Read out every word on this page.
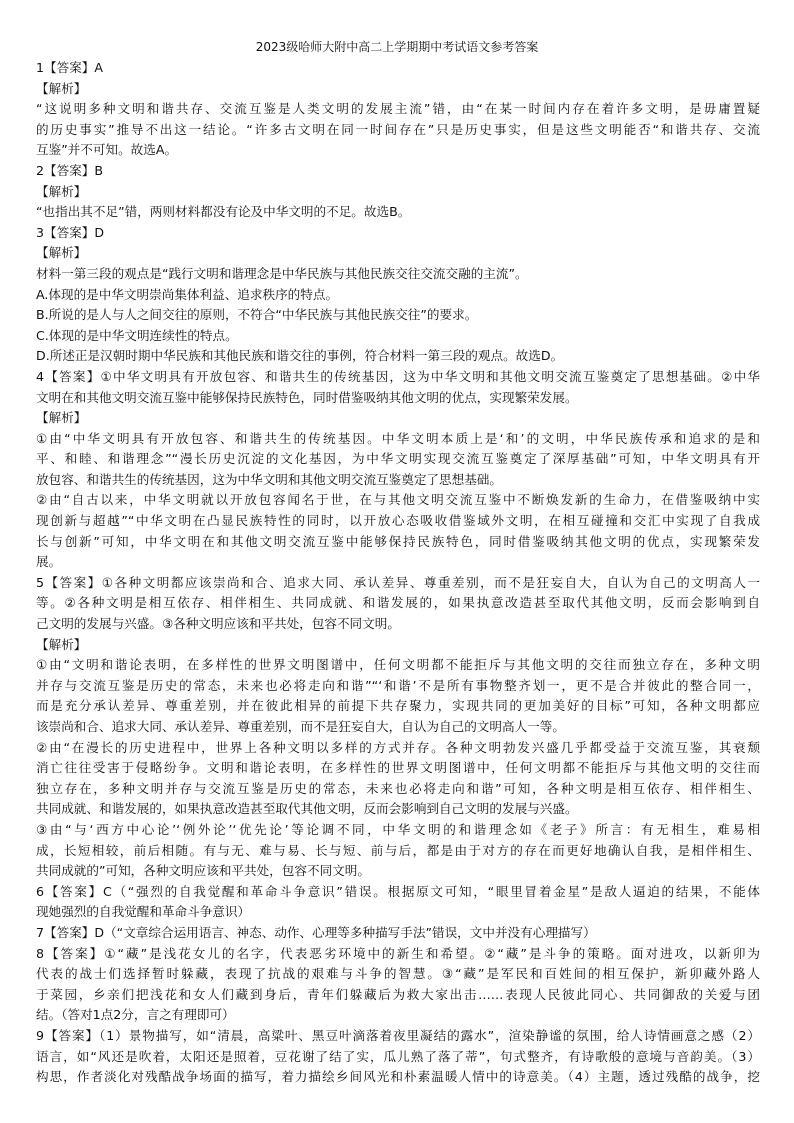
2023级哈师大附中高二上学期期中考试语文参考答案
1【答案】A
【解析】
“这说明多种文明和谐共存、交流互鉴是人类文明的发展主流”错，由“在某一时间内存在着许多文明，是毋庸置疑
的历史事实”推导不出这一结论。“许多古文明在同一时间存在”只是历史事实，但是这些文明能否“和谐共存、交流
互鉴”并不可知。故选A。
2【答案】B
【解析】
“也指出其不足”错，两则材料都没有论及中华文明的不足。故选B。
3【答案】D
【解析】
材料一第三段的观点是“践行文明和谐理念是中华民族与其他民族交往交流交融的主流”。
A.体现的是中华文明崇尚集体利益、追求秩序的特点。
B.所说的是人与人之间交往的原则，不符合“中华民族与其他民族交往”的要求。
C.体现的是中华文明连续性的特点。
D.所述正是汉朝时期中华民族和其他民族和谐交往的事例，符合材料一第三段的观点。故选D。
4【答案】①中华文明具有开放包容、和谐共生的传统基因，这为中华文明和其他文明交流互鉴奠定了思想基础。②中华
文明在和其他文明交流互鉴中能够保持民族特色，同时借鉴吸纳其他文明的优点，实现繁荣发展。
【解析】
①由“中华文明具有开放包容、和谐共生的传统基因。中华文明本质上是‘和’的文明，中华民族传承和追求的是和
平、和睦、和谐理念”“漫长历史沉淀的文化基因，为中华文明实现交流互鉴奠定了深厚基础”可知，中华文明具有开
放包容、和谐共生的传统基因，这为中华文明和其他文明交流互鉴奠定了思想基础。
②由“自古以来，中华文明就以开放包容闻名于世，在与其他文明交流互鉴中不断焕发新的生命力，在借鉴吸纳中实
现创新与超越”“中华文明在凸显民族特性的同时，以开放心态吸收借鉴域外文明，在相互碰撞和交汇中实现了自我成
长与创新”可知，中华文明在和其他文明交流互鉴中能够保持民族特色，同时借鉴吸纳其他文明的优点，实现繁荣发
展。
5【答案】①各种文明都应该崇尚和合、追求大同、承认差异、尊重差别，而不是狂妄自大，自认为自己的文明高人一
等。②各种文明是相互依存、相伴相生、共同成就、和谐发展的，如果执意改造甚至取代其他文明，反而会影响到自
己文明的发展与兴盛。③各种文明应该和平共处，包容不同文明。
【解析】
①由“文明和谐论表明，在多样性的世界文明图谱中，任何文明都不能拒斥与其他文明的交往而独立存在，多种文明
并存与交流互鉴是历史的常态，未来也必将走向和谐”“‘和谐’不是所有事物整齐划一，更不是合并彼此的整合同一，
而是充分承认差异、尊重差别，并在彼此相异的前提下共存聚力，实现共同的更加美好的目标”可知，各种文明都应
该崇尚和合、追求大同、承认差异、尊重差别，而不是狂妄自大，自认为自己的文明高人一等。
②由“在漫长的历史进程中，世界上各种文明以多样的方式并存。各种文明勃发兴盛几乎都受益于交流互鉴，其衰颓
消亡往往受害于侵略纷争。文明和谐论表明，在多样性的世界文明图谱中，任何文明都不能拒斥与其他文明的交往而
独立存在，多种文明并存与交流互鉴是历史的常态，未来也必将走向和谐”可知，各种文明是相互依存、相伴相生、
共同成就、和谐发展的，如果执意改造甚至取代其他文明，反而会影响到自己文明的发展与兴盛。
③由“与‘西方中心论’‘例外论’‘优先论’等论调不同，中华文明的和谐理念如《老子》所言：有无相生，难易相
成，长短相较，前后相随。有与无、难与易、长与短、前与后，都是由于对方的存在而更好地确认自我，是相伴相生、
共同成就的”可知，各种文明应该和平共处，包容不同文明。
6【答案】C（“强烈的自我觉醒和革命斗争意识”错误。根据原文可知，“眼里冒着金星”是敌人逼迫的结果，不能体
现她强烈的自我觉醒和革命斗争意识）
7【答案】D（“文章综合运用语言、神态、动作、心理等多种描写手法”错误，文中并没有心理描写）
8【答案】①“藏”是浅花女儿的名字，代表恶劣环境中的新生和希望。②“藏”是斗争的策略。面对进攻，以新卯为
代表的战士们选择暂时躲藏，表现了抗战的艰难与斗争的智慧。③“藏”是军民和百姓间的相互保护，新卯藏外路人
于菜园，乡亲们把浅花和女人们藏到身后，青年们躲藏后为救大家出击……表现人民彼此同心、共同御敌的关爱与团
结。（答对1点2分，言之有理即可）
9【答案】（1）景物描写，如“清晨，高粱叶、黑豆叶滴落着夜里凝结的露水”，渲染静谧的氛围，给人诗情画意之感（2）
语言，如“风还是吹着，太阳还是照着，豆花谢了结了实，瓜儿熟了落了蒂”，句式整齐，有诗歌般的意境与音韵美。（3）
构思，作者淡化对残酷战争场面的描写，着力描绘乡间风光和朴素温暖人情中的诗意美。（4）主题，透过残酷的战争，挖
